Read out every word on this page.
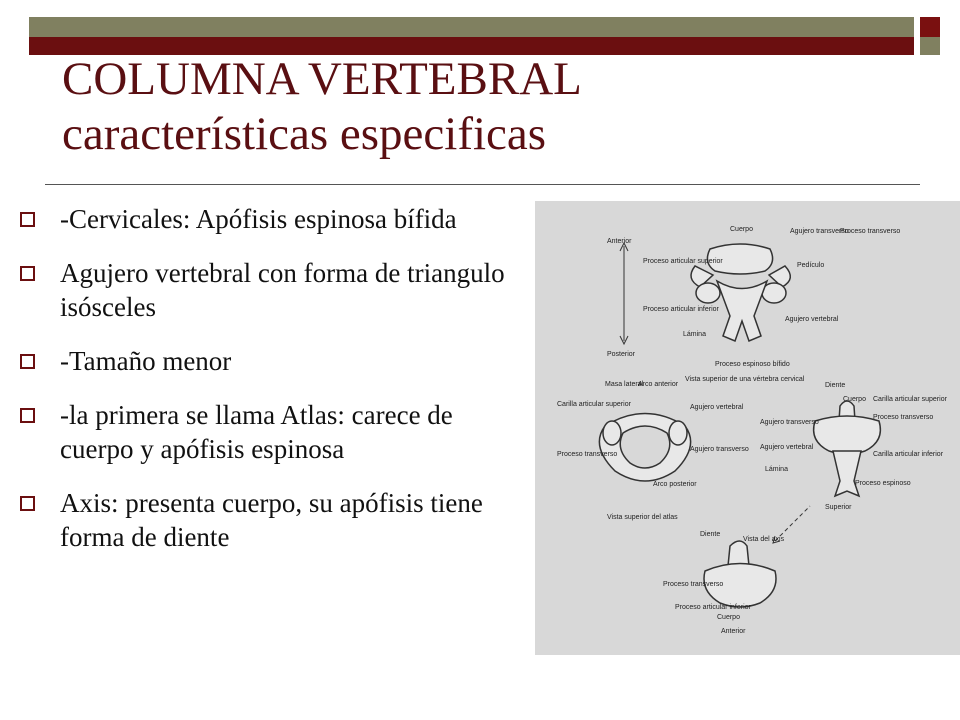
COLUMNA VERTEBRAL
características especificas
-Cervicales: Apófisis espinosa bífida
Agujero vertebral con forma de triangulo isósceles
-Tamaño menor
-la primera se llama Atlas: carece de cuerpo y apófisis espinosa
Axis: presenta cuerpo, su apófisis tiene forma de diente
Anterior
Posterior
Cuerpo	Agujero transverso
Proceso transverso
Proceso articular superior
Pedículo
Proceso articular inferior
Lámina
Agujero vertebral
Proceso espinoso bífido
Vista superior de una vértebra cervical
Masa lateral
Arco anterior
Carilla articular superior	Agujero vertebral
Proceso transverso
Agujero transverso
Arco posterior
Vista superior del atlas
Diente
Cuerpo Carilla articular superior
Agujero transverso
Proceso transverso
Agujero vertebral
Lámina
Carilla articular inferior
Proceso espinoso
Superior
Diente
Vista del axis
Proceso transverso
Proceso articular inferior
Cuerpo
Anterior
